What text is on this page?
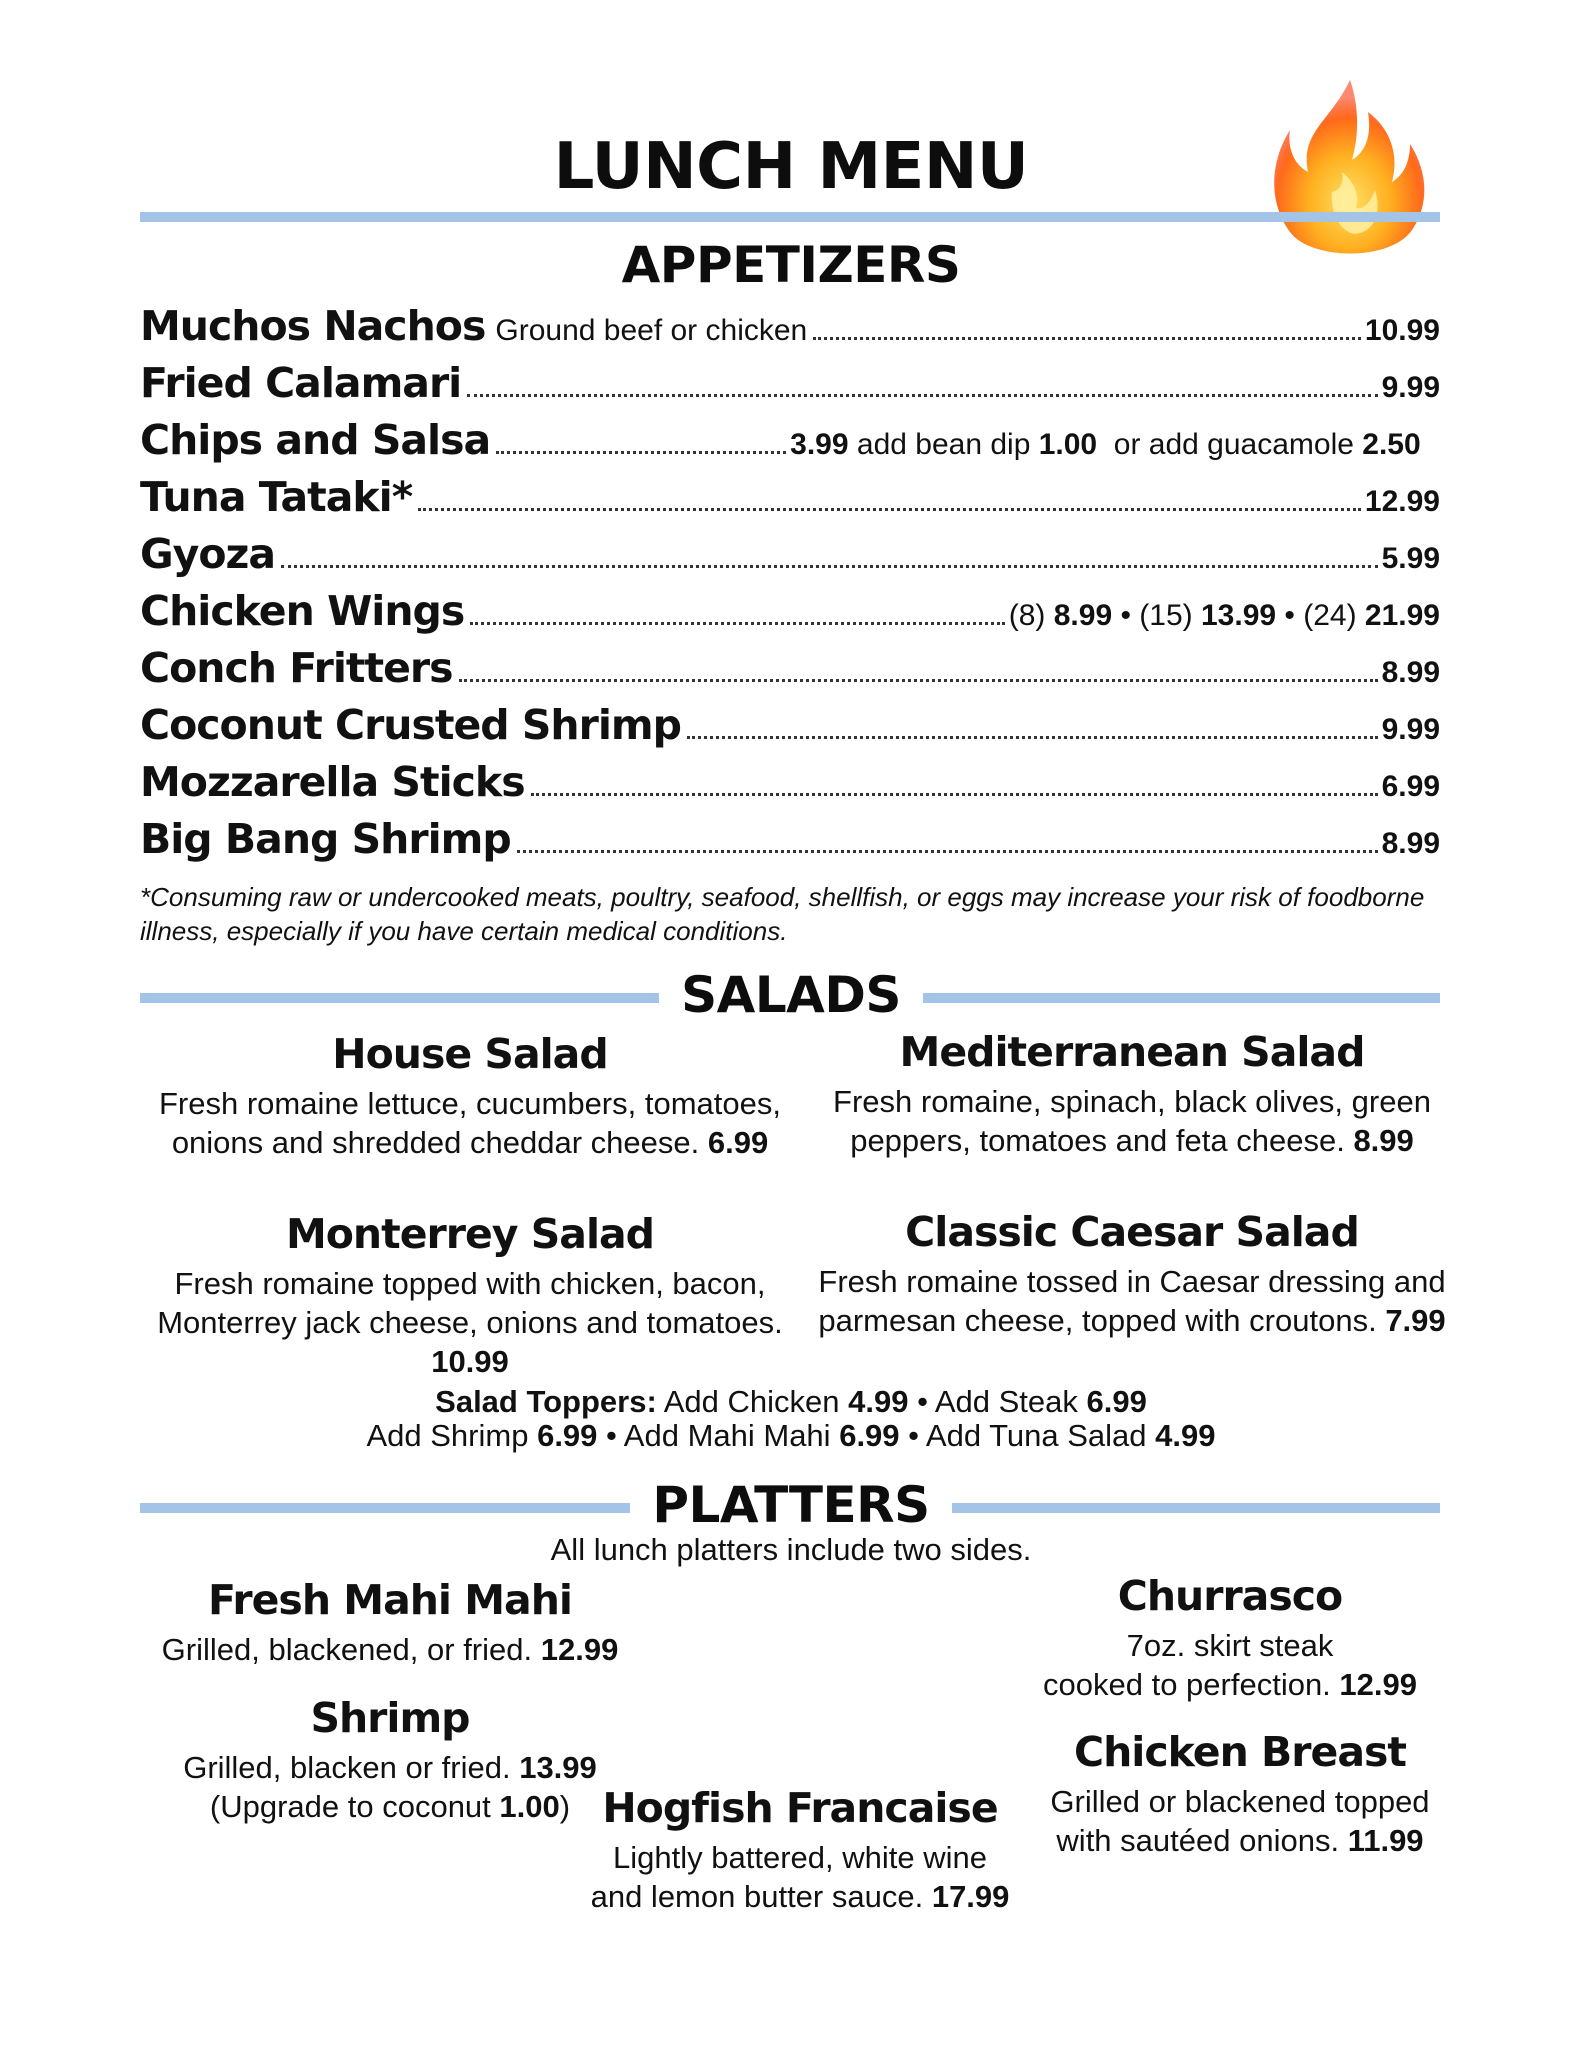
LUNCH MENU
APPETIZERS
Muchos Nachos Ground beef or chicken	10.99
Fried Calamari	9.99
Chips and Salsa	3.99 add bean dip 1.00  or add guacamole 2.50
Tuna Tataki*	12.99
Gyoza	5.99
Chicken Wings	(8) 8.99 • (15) 13.99 • (24) 21.99
Conch Fritters	8.99
Coconut Crusted Shrimp	9.99
Mozzarella Sticks	6.99
Big Bang Shrimp	8.99
*Consuming raw or undercooked meats, poultry, seafood, shellfish, or eggs may increase your risk of foodborne illness, especially if you have certain medical conditions.
SALADS
House Salad
Fresh romaine lettuce, cucumbers, tomatoes, onions and shredded cheddar cheese. 6.99
Mediterranean Salad
Fresh romaine, spinach, black olives, green peppers, tomatoes and feta cheese. 8.99
Monterrey Salad
Fresh romaine topped with chicken, bacon, Monterrey jack cheese, onions and tomatoes. 10.99
Classic Caesar Salad
Fresh romaine tossed in Caesar dressing and parmesan cheese, topped with croutons. 7.99
Salad Toppers: Add Chicken 4.99 • Add Steak 6.99
Add Shrimp 6.99 • Add Mahi Mahi 6.99 • Add Tuna Salad 4.99
PLATTERS
All lunch platters include two sides.
Fresh Mahi Mahi
Grilled, blackened, or fried. 12.99
Churrasco
7oz. skirt steak
cooked to perfection. 12.99
Shrimp
Grilled, blacken or fried. 13.99
(Upgrade to coconut 1.00)
Chicken Breast
Grilled or blackened topped
with sautéed onions. 11.99
Hogfish Francaise
Lightly battered, white wine
and lemon butter sauce. 17.99
